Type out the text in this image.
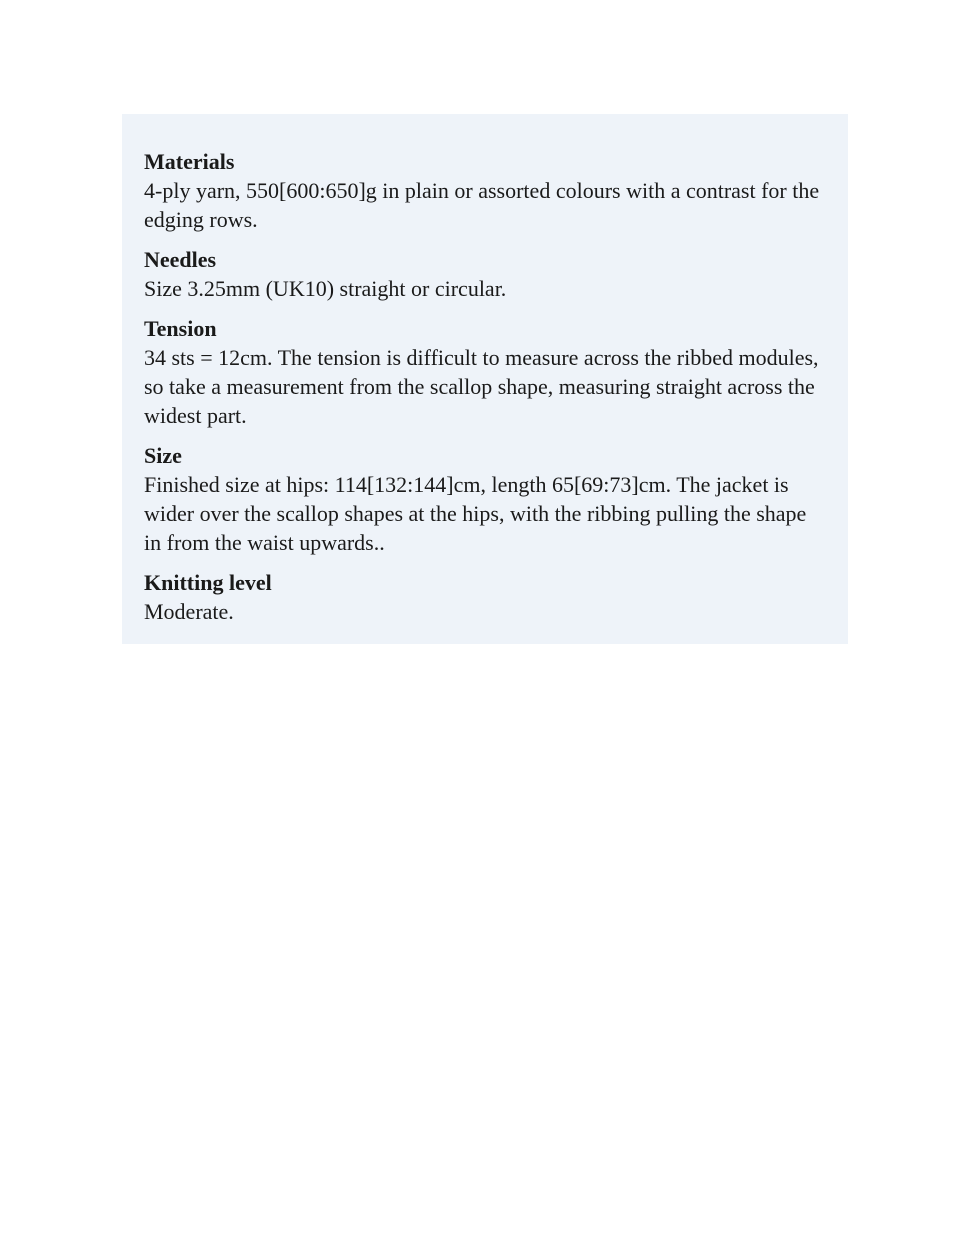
Materials

4-ply yarn, 550[600:650]g in plain or assorted colours with a contrast for the edging rows.

Needles

Size 3.25mm (UK10) straight or circular.

Tension

34 sts = 12cm. The tension is difficult to measure across the ribbed modules, so take a measurement from the scallop shape, measuring straight across the widest part.

Size

Finished size at hips: 114[132:144]cm, length 65[69:73]cm. The jacket is wider over the scallop shapes at the hips, with the ribbing pulling the shape in from the waist upwards..

Knitting level

Moderate.
